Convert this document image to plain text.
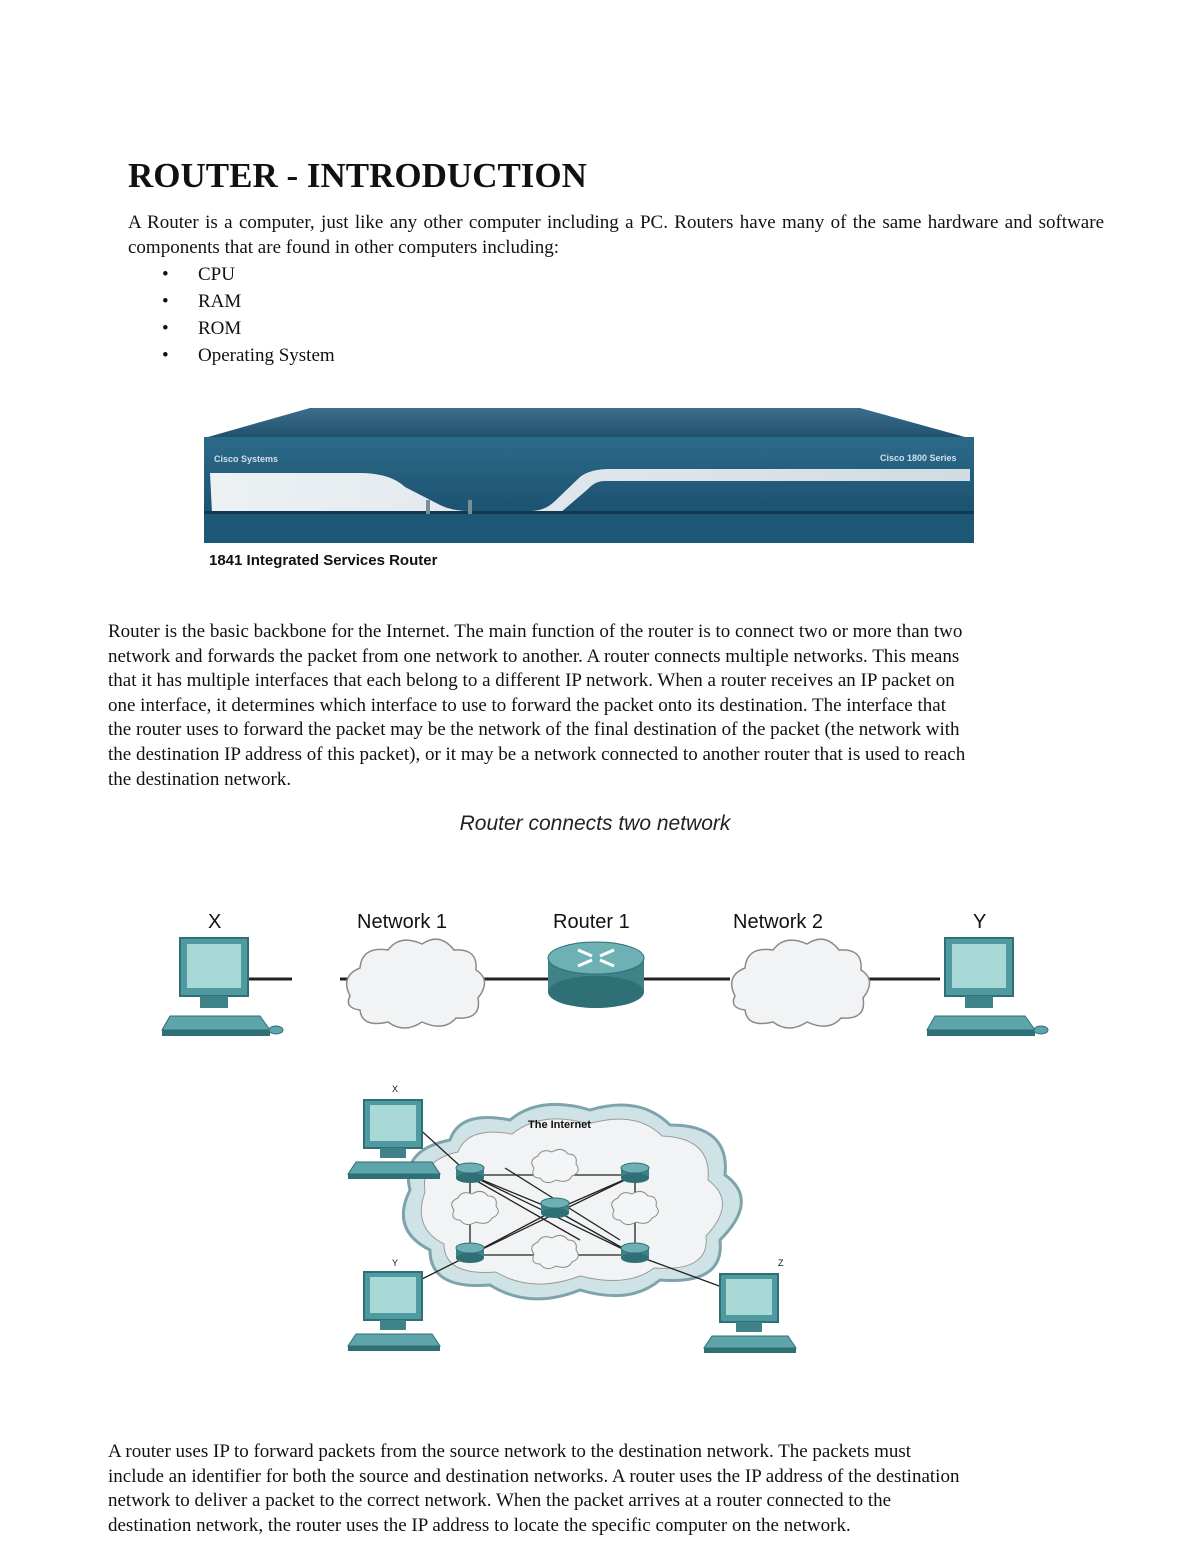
ROUTER - INTRODUCTION
A Router is a computer, just like any other computer including a PC. Routers have many of the same hardware and software components that are found in other computers including:
• CPU
• RAM
• ROM
• Operating System
Cisco Systems	Cisco 1800 Series
1841 Integrated Services Router
Router is the basic backbone for the Internet. The main function of the router is to connect two or more than two
network and forwards the packet from one network to another. A router connects multiple networks. This means
that it has multiple interfaces that each belong to a different IP network. When a router receives an IP packet on
one interface, it determines which interface to use to forward the packet onto its destination. The interface that
the router uses to forward the packet may be the network of the final destination of the packet (the network with
the destination IP address of this packet), or it may be a network connected to another router that is used to reach
the destination network.
Router connects two network
X	Network 1	Router 1	Network 2	Y
The Internet
X
Y	Z
A router uses IP to forward packets from the source network to the destination network. The packets must
include an identifier for both the source and destination networks. A router uses the IP address of the destination
network to deliver a packet to the correct network. When the packet arrives at a router connected to the
destination network, the router uses the IP address to locate the specific computer on the network.
